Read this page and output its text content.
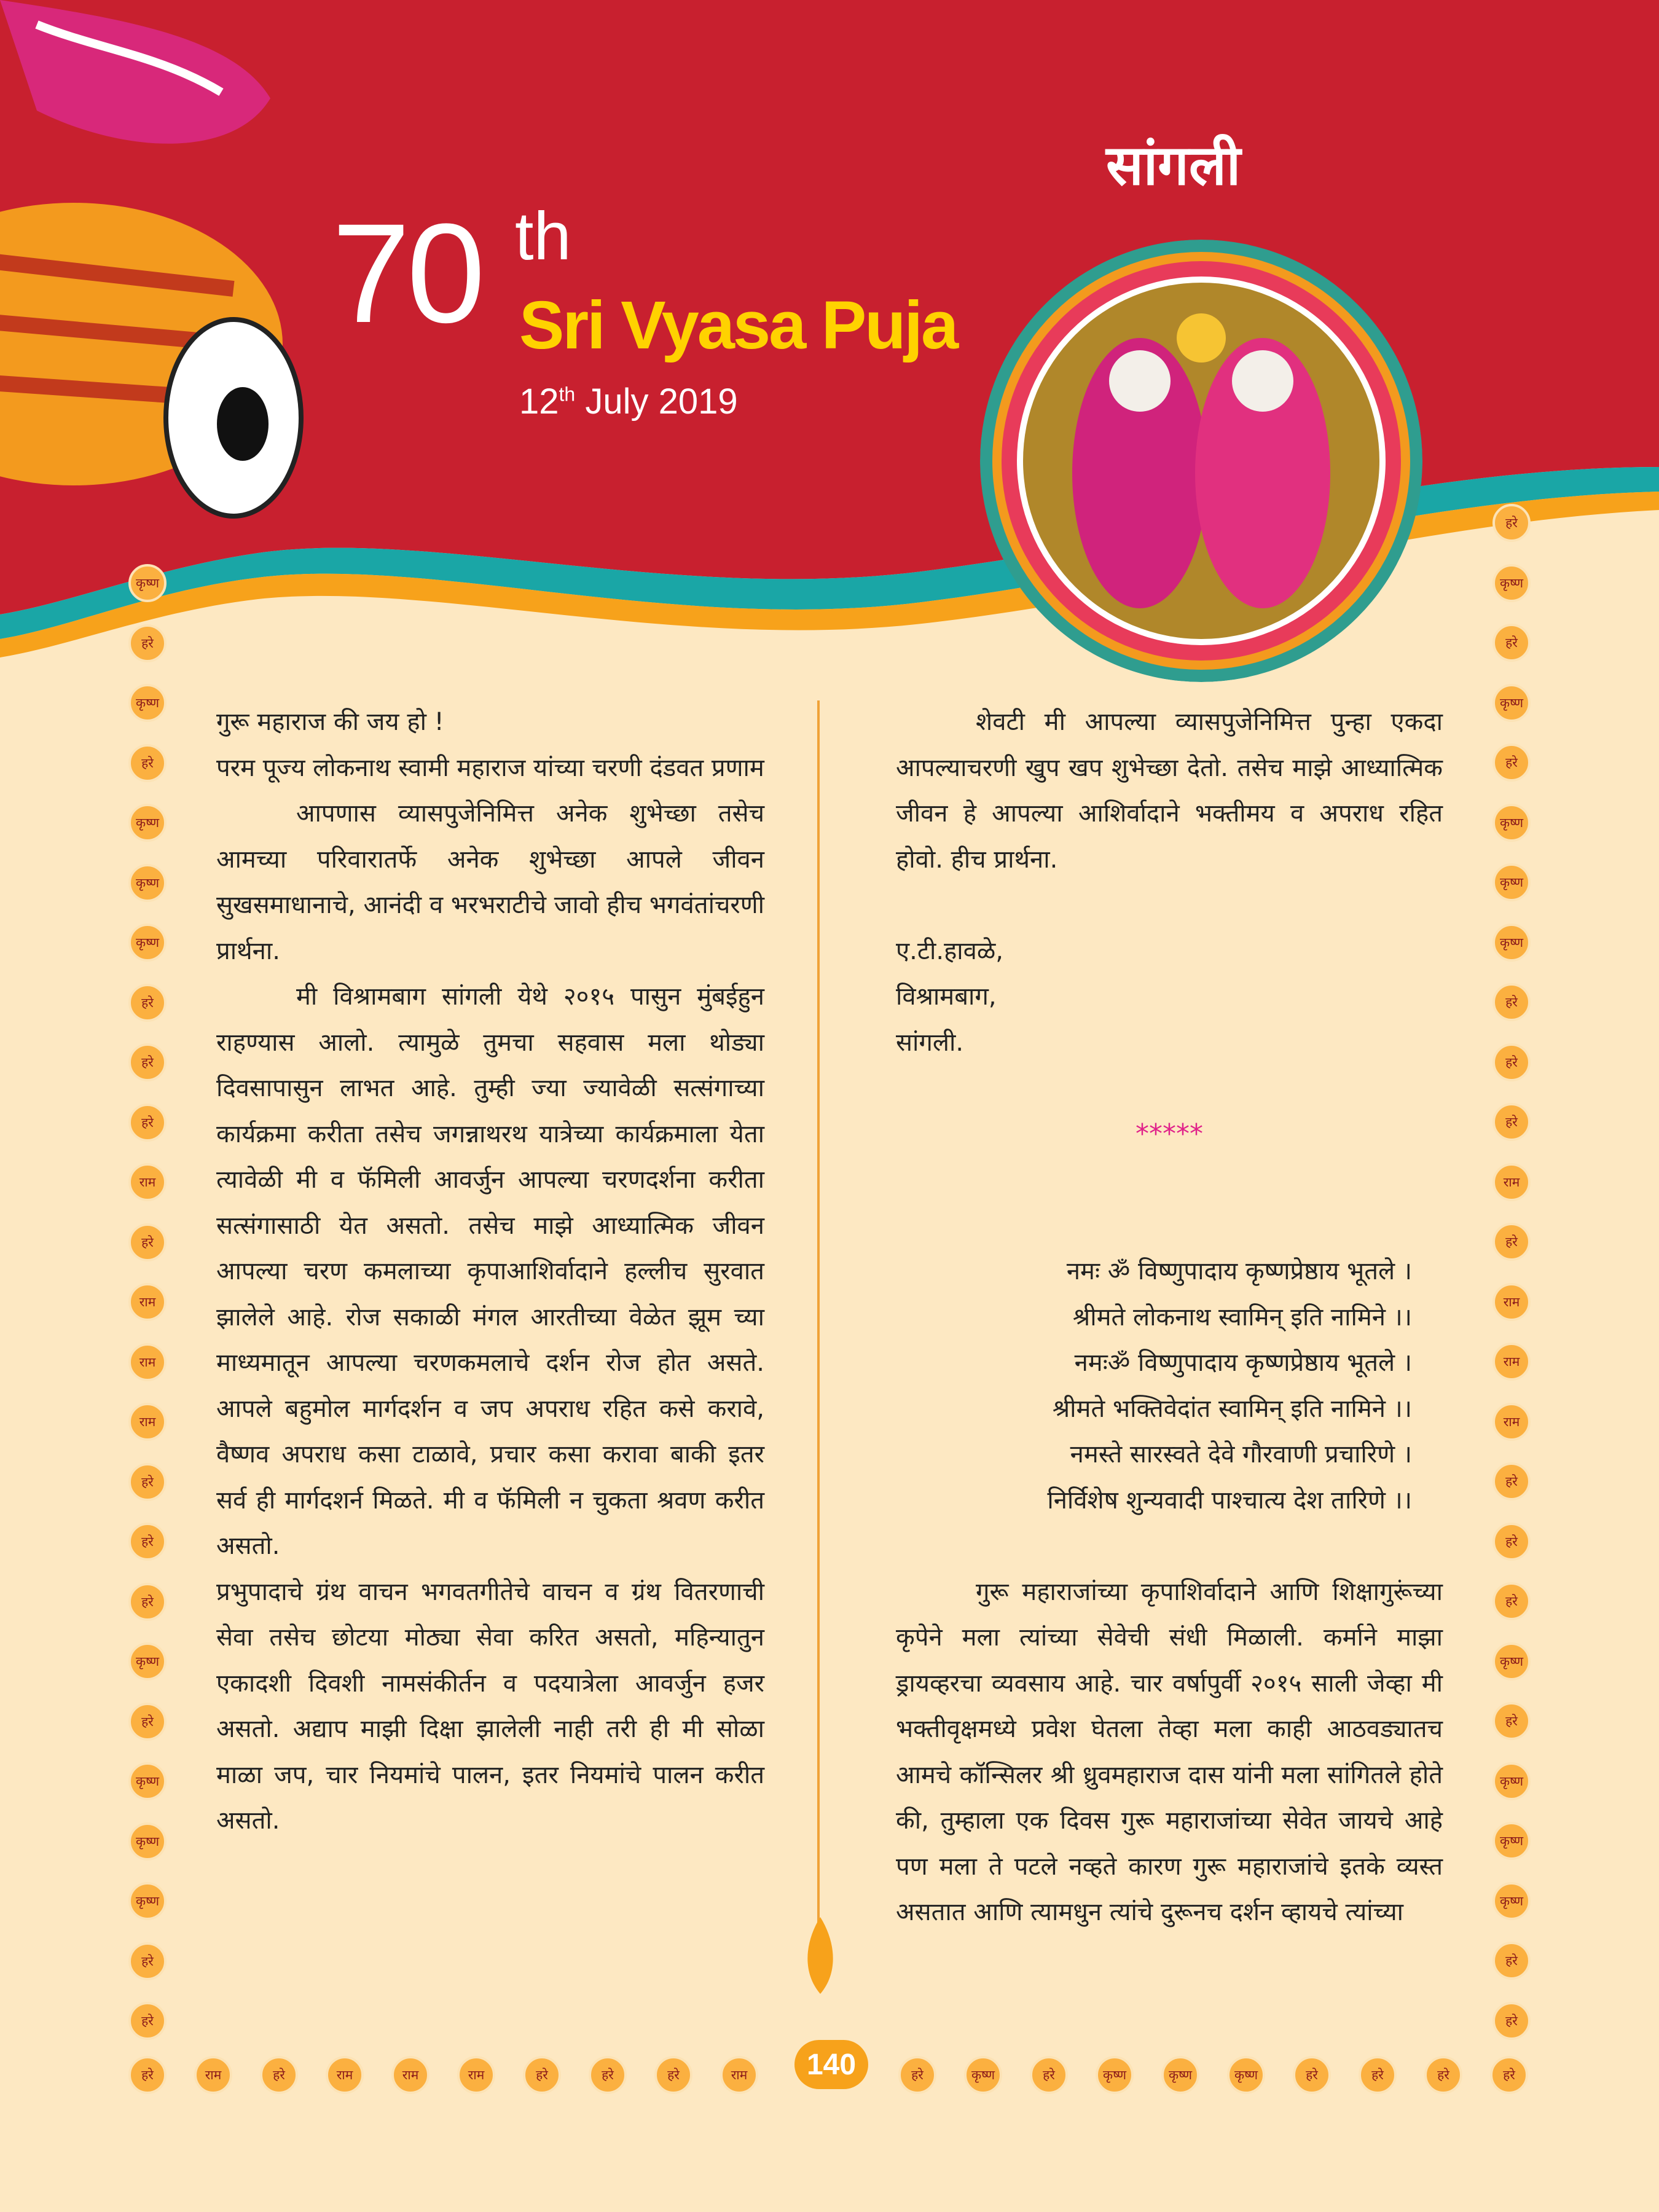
70 th
Sri Vyasa Puja
12th July 2019
सांगली
कृष्ण
हरे
कृष्ण
हरे
कृष्ण
कृष्ण
कृष्ण
हरे
हरे
हरे
राम
हरे
राम
राम
राम
हरे
हरे
हरे
कृष्ण
हरे
कृष्ण
कृष्ण
कृष्ण
हरे
हरे
हरे
कृष्ण
हरे
कृष्ण
हरे
कृष्ण
कृष्ण
कृष्ण
हरे
हरे
हरे
राम
हरे
राम
राम
राम
हरे
हरे
हरे
कृष्ण
हरे
कृष्ण
कृष्ण
कृष्ण
हरे
हरे
हरे	राम	हरे	राम	राम	राम	हरे	हरे	हरे	राम	हरे	कृष्ण	हरे	कृष्ण	कृष्ण	कृष्ण	हरे	हरे	हरे	हरे

गुरू महाराज की जय हो !

परम पूज्य लोकनाथ स्वामी महाराज यांच्या चरणी दंडवत प्रणाम

आपणास व्यासपुजेनिमित्त अनेक शुभेच्छा तसेच आमच्या परिवारातर्फे अनेक शुभेच्छा आपले जीवन सुखसमाधानाचे, आनंदी व भरभराटीचे जावो हीच भगवंतांचरणी प्रार्थना.

मी विश्रामबाग सांगली येथे २०१५ पासुन मुंबईहुन राहण्यास आलो. त्यामुळे तुमचा सहवास मला थोड्या दिवसापासुन लाभत आहे. तुम्ही ज्या ज्यावेळी सत्संगाच्या कार्यक्रमा करीता तसेच जगन्नाथरथ यात्रेच्या कार्यक्रमाला येता त्यावेळी मी व फॅमिली आवर्जुन आपल्या चरणदर्शना करीता सत्संगासाठी येत असतो. तसेच माझे आध्यात्मिक जीवन आपल्या चरण कमलाच्या कृपाआशिर्वादाने हल्लीच सुरवात झालेले आहे. रोज सकाळी मंगल आरतीच्या वेळेत झूम च्या माध्यमातून आपल्या चरणकमलाचे दर्शन रोज होत असते. आपले बहुमोल मार्गदर्शन व जप अपराध रहित कसे करावे, वैष्णव अपराध कसा टाळावे, प्रचार कसा करावा बाकी इतर सर्व ही मार्गदशर्न मिळते. मी व फॅमिली न चुकता श्रवण करीत असतो.

प्रभुपादाचे ग्रंथ वाचन भगवतगीतेचे वाचन व ग्रंथ वितरणाची सेवा तसेच छोटया मोठ्या सेवा करित असतो, महिन्यातुन एकादशी दिवशी नामसंकीर्तन व पदयात्रेला आवर्जुन हजर असतो. अद्याप माझी दिक्षा झालेली नाही तरी ही मी सोळा माळा जप, चार नियमांचे पालन, इतर नियमांचे पालन करीत असतो.

शेवटी मी आपल्या व्यासपुजेनिमित्त पुन्हा एकदा आपल्याचरणी खुप खप शुभेच्छा देतो. तसेच माझे आध्यात्मिक जीवन हे आपल्या आशिर्वादाने भक्तीमय व अपराध रहित होवो. हीच प्रार्थना.

ए.टी.हावळे,

विश्रामबाग,

सांगली.

*****

नमः ॐ विष्णुपादाय कृष्णप्रेष्ठाय भूतले ।

श्रीमते लोकनाथ स्वामिन् इति नामिने ।।

नमःॐ विष्णुपादाय कृष्णप्रेष्ठाय भूतले ।

श्रीमते भक्तिवेदांत स्वामिन् इति नामिने ।।

नमस्ते सारस्वते देवे गौरवाणी प्रचारिणे ।

निर्विशेष शुन्यवादी पाश्चात्य देश तारिणे ।।

गुरू महाराजांच्या कृपाशिर्वादाने आणि शिक्षागुरूंच्या कृपेने मला त्यांच्या सेवेची संधी मिळाली. कर्माने माझा ड्रायव्हरचा व्यवसाय आहे. चार वर्षापुर्वी २०१५ साली जेव्हा मी भक्तीवृक्षमध्ये प्रवेश घेतला तेव्हा मला काही आठवड्यातच आमचे कॉन्सिलर श्री ध्रुवमहाराज दास यांनी मला सांगितले होते की, तुम्हाला एक दिवस गुरू महाराजांच्या सेवेत जायचे आहे पण मला ते पटले नव्हते कारण गुरू महाराजांचे इतके व्यस्त असतात आणि त्यामधुन त्यांचे दुरूनच दर्शन व्हायचे त्यांच्या

140
